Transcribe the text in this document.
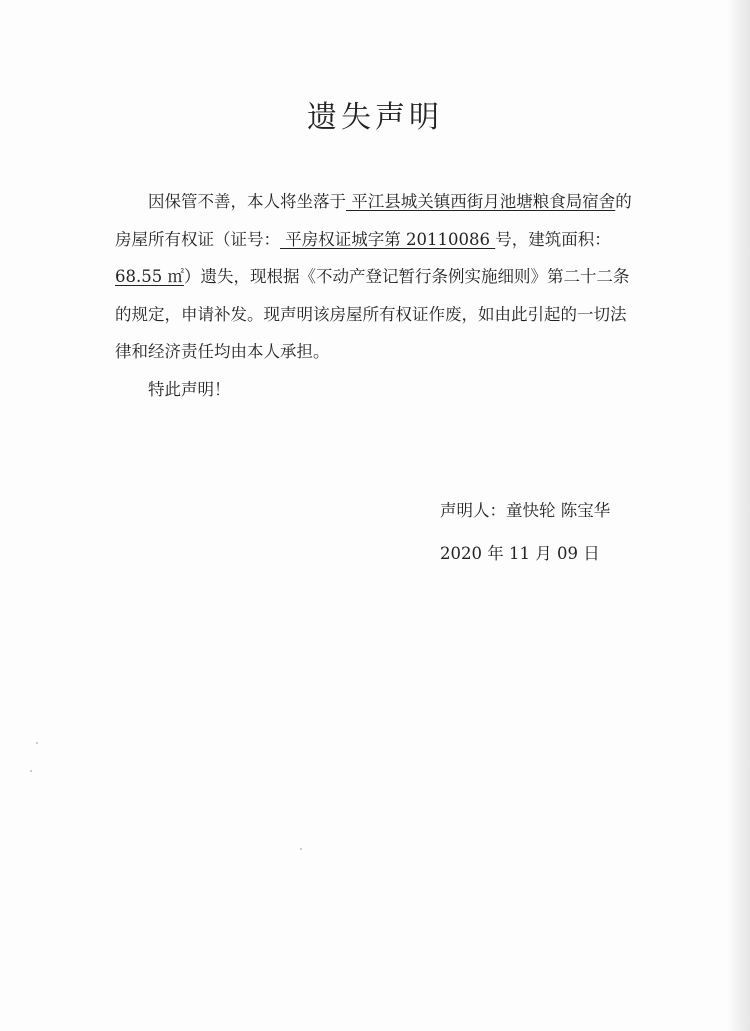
遗失声明

因保管不善，本人将坐落于 平江县城关镇西街月池塘粮食局宿舍的房屋所有权证（证号： 平房权证城字第 20110086 号，建筑面积：68.55 ㎡）遗失，现根据《不动产登记暂行条例实施细则》第二十二条的规定，申请补发。现声明该房屋所有权证作废，如由此引起的一切法律和经济责任均由本人承担。

特此声明！

声明人：童快轮 陈宝华
2020 年 11 月 09 日
